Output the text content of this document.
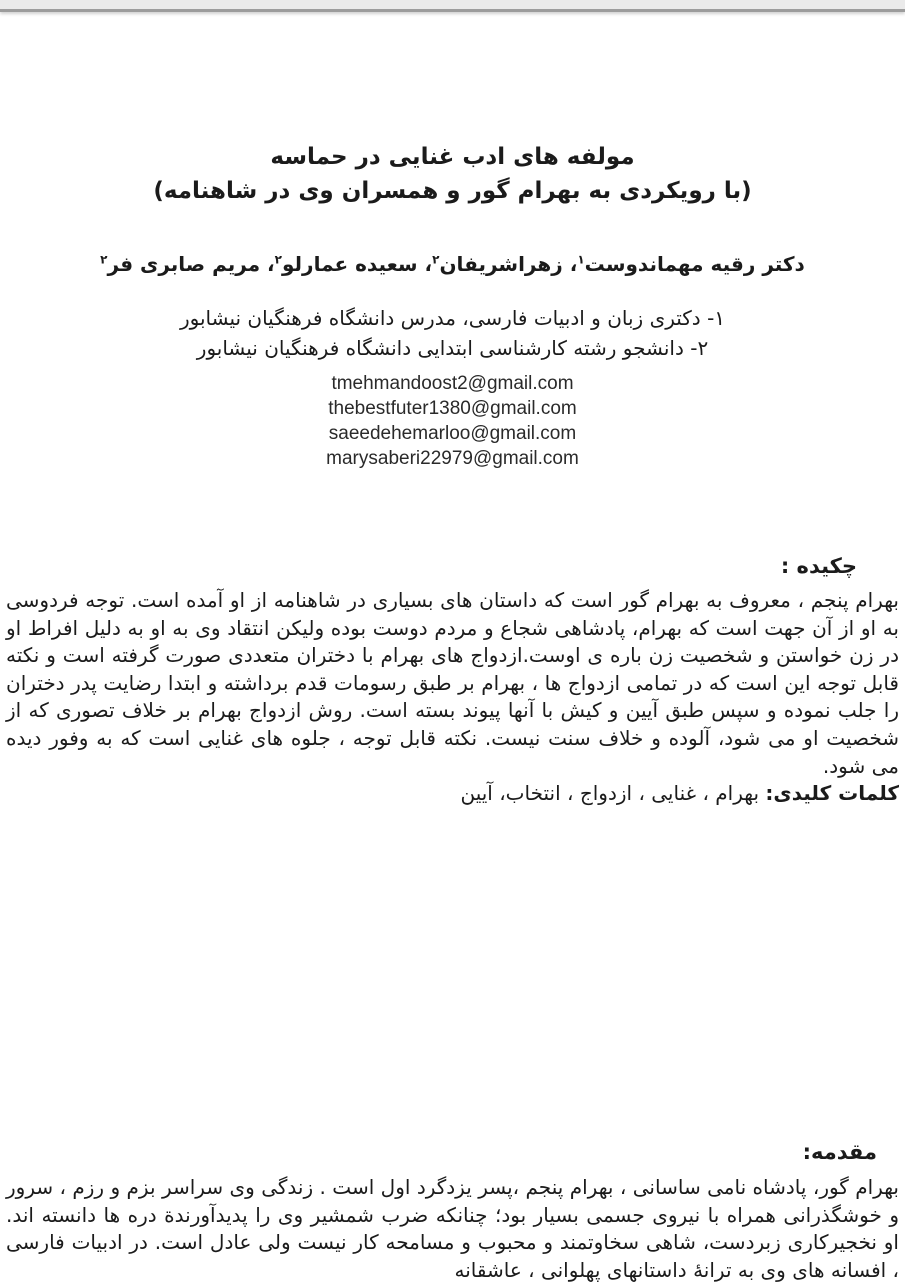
مولفه های ادب غنایی در حماسه
(با رویکردی به بهرام گور و همسران وی در شاهنامه)
دکتر رقیه مهماندوست$^۱$، زهراشریفان$^۲$، سعیده عمارلو$^۲$، مریم صابری فر$^۲$
۱- دکتری زبان و ادبیات فارسی، مدرس دانشگاه فرهنگیان نیشابور
۲- دانشجو رشته کارشناسی ابتدایی دانشگاه فرهنگیان نیشابور
tmehmandoost2@gmail.com
thebestfuter1380@gmail.com
saeedehemarloo@gmail.com
marysaberi22979@gmail.com
چکیده :

بهرام پنجم ، معروف به بهرام گور است که داستان های بسیاری در شاهنامه از او آمده است. توجه فردوسی به او از آن جهت است که بهرام، پادشاهی شجاع و مردم دوست بوده ولیکن انتقاد وی به او به دلیل افراط او در زن خواستن و شخصیت زن باره ی اوست.ازدواج های بهرام با دختران متعددی صورت گرفته است و نکته قابل توجه این است که در تمامی ازدواج ها ، بهرام بر طبق رسومات قدم برداشته و ابتدا رضایت پدر دختران را جلب نموده و سپس طبق آیین و کیش با آنها پیوند بسته است. روش ازدواج بهرام بر خلاف تصوری که از شخصیت او می شود، آلوده و خلاف سنت نیست. نکته قابل توجه ، جلوه های غنایی است که به وفور دیده می شود.

کلمات کلیدی: بهرام ، غنایی ، ازدواج ، انتخاب، آیین
مقدمه:

بهرام گور، پادشاه نامی ساسانی ، بهرام پنجم ،پسر یزدگرد اول است . زندگی وی سراسر بزم و رزم ، سرور و خوشگذرانی همراه با نیروی جسمی بسیار بود؛ چنانکه ضرب شمشیر وی را پدیدآورندة دره ها دانسته اند. او نخجیرکاری زبردست، شاهی سخاوتمند و محبوب و مسامحه کار نیست ولی عادل است. در ادبیات فارسی ، افسانه های وی به ترانهٔ داستانهای پهلوانی ، عاشقانه
